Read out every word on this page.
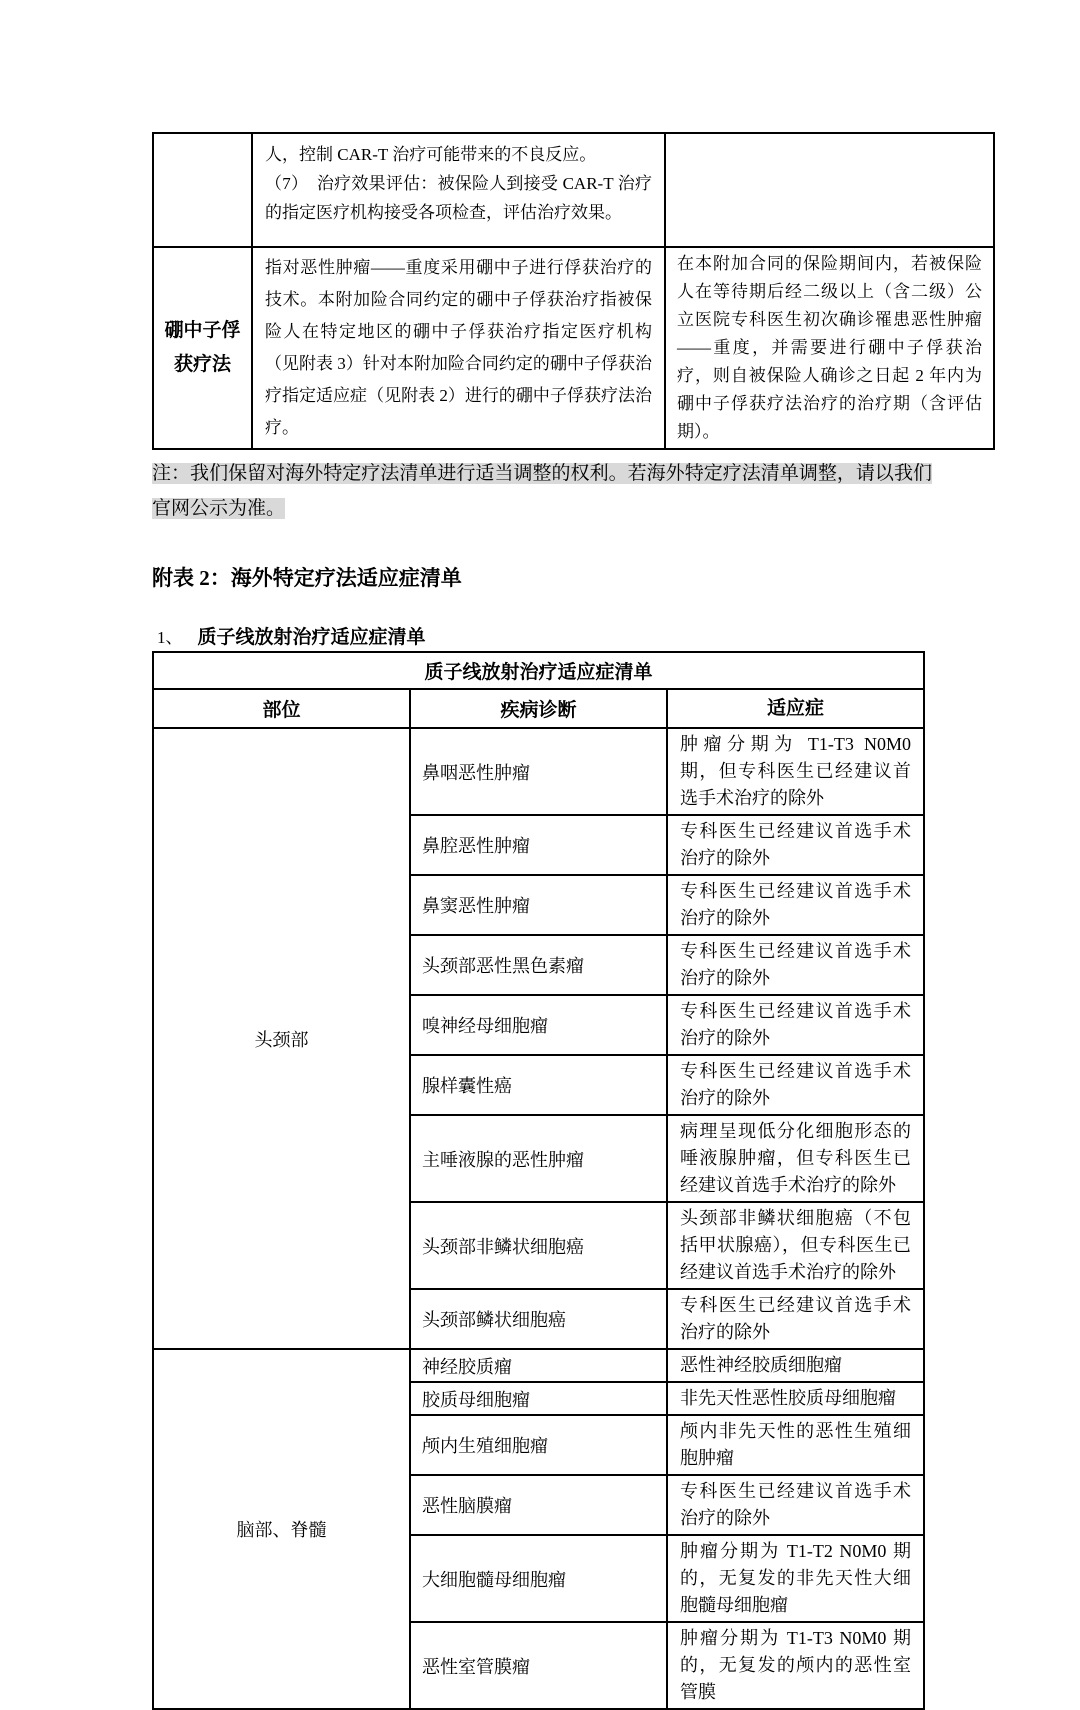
	人，控制 CAR-T 治疗可能带来的不良反应。
（7）　治疗效果评估：被保险人到接受 CAR-T 治疗的指定医疗机构接受各项检查，评估治疗效果。	

硼中子俘获疗法	指对恶性肿瘤——重度采用硼中子进行俘获治疗的技术。本附加险合同约定的硼中子俘获治疗指被保险人在特定地区的硼中子俘获治疗指定医疗机构（见附表 3）针对本附加险合同约定的硼中子俘获治疗指定适应症（见附表 2）进行的硼中子俘获疗法治疗。	在本附加合同的保险期间内，若被保险人在等待期后经二级以上（含二级）公立医院专科医生初次确诊罹患恶性肿瘤——重度，并需要进行硼中子俘获治疗，则自被保险人确诊之日起 2 年内为硼中子俘获疗法治疗的治疗期（含评估期）。
注：我们保留对海外特定疗法清单进行适当调整的权利。若海外特定疗法清单调整，请以我们官网公示为准。
附表 2：海外特定疗法适应症清单
1、 质子线放射治疗适应症清单
质子线放射治疗适应症清单		
部位	疾病诊断	适应症
头颈部	鼻咽恶性肿瘤	肿瘤分期为 T1-T3 N0M0 期，但专科医生已经建议首选手术治疗的除外
	鼻腔恶性肿瘤	专科医生已经建议首选手术治疗的除外
	鼻窦恶性肿瘤	专科医生已经建议首选手术治疗的除外
	头颈部恶性黑色素瘤	专科医生已经建议首选手术治疗的除外
	嗅神经母细胞瘤	专科医生已经建议首选手术治疗的除外
	腺样囊性癌	专科医生已经建议首选手术治疗的除外
	主唾液腺的恶性肿瘤	病理呈现低分化细胞形态的唾液腺肿瘤，但专科医生已经建议首选手术治疗的除外
	头颈部非鳞状细胞癌	头颈部非鳞状细胞癌（不包括甲状腺癌），但专科医生已经建议首选手术治疗的除外
	头颈部鳞状细胞癌	专科医生已经建议首选手术治疗的除外
脑部、脊髓	神经胶质瘤	恶性神经胶质细胞瘤
	胶质母细胞瘤	非先天性恶性胶质母细胞瘤
	颅内生殖细胞瘤	颅内非先天性的恶性生殖细胞肿瘤
	恶性脑膜瘤	专科医生已经建议首选手术治疗的除外
	大细胞髓母细胞瘤	肿瘤分期为 T1-T2 N0M0 期的，无复发的非先天性大细胞髓母细胞瘤
	恶性室管膜瘤	肿瘤分期为 T1-T3 N0M0 期的，无复发的颅内的恶性室管膜
